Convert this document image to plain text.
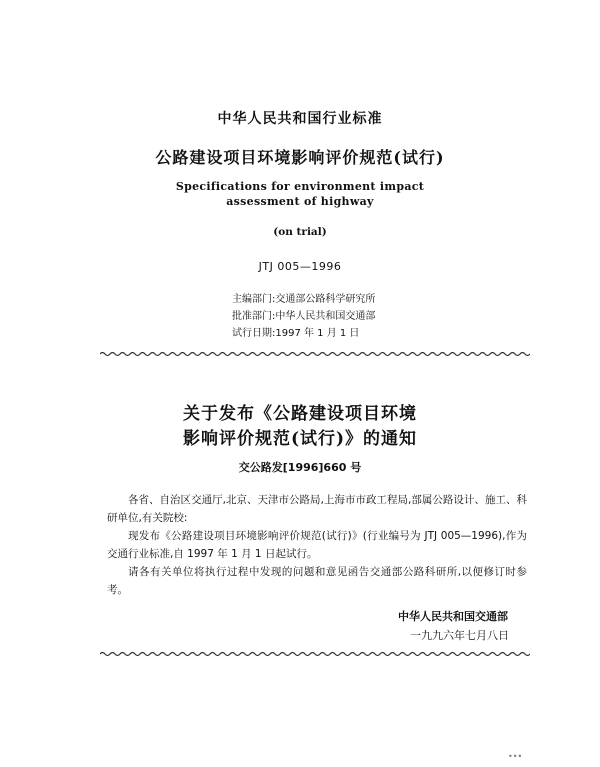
中华人民共和国行业标准

公路建设项目环境影响评价规范(试行)

Specifications for environment impact

assessment of highway

(on trial)

JTJ 005—1996

主编部门:交通部公路科学研究所

批准部门:中华人民共和国交通部

试行日期:1997 年 1 月 1 日

关于发布《公路建设项目环境

影响评价规范(试行)》的通知

交公路发[1996]660 号

各省、自治区交通厅,北京、天津市公路局,上海市市政工程局,部属公路设计、施工、科研单位,有关院校:

现发布《公路建设项目环境影响评价规范(试行)》(行业编号为 JTJ 005—1996),作为交通行业标准,自 1997 年 1 月 1 日起试行。

请各有关单位将执行过程中发现的问题和意见函告交通部公路科研所,以便修订时参考。

中华人民共和国交通部

一九九六年七月八日

•••
